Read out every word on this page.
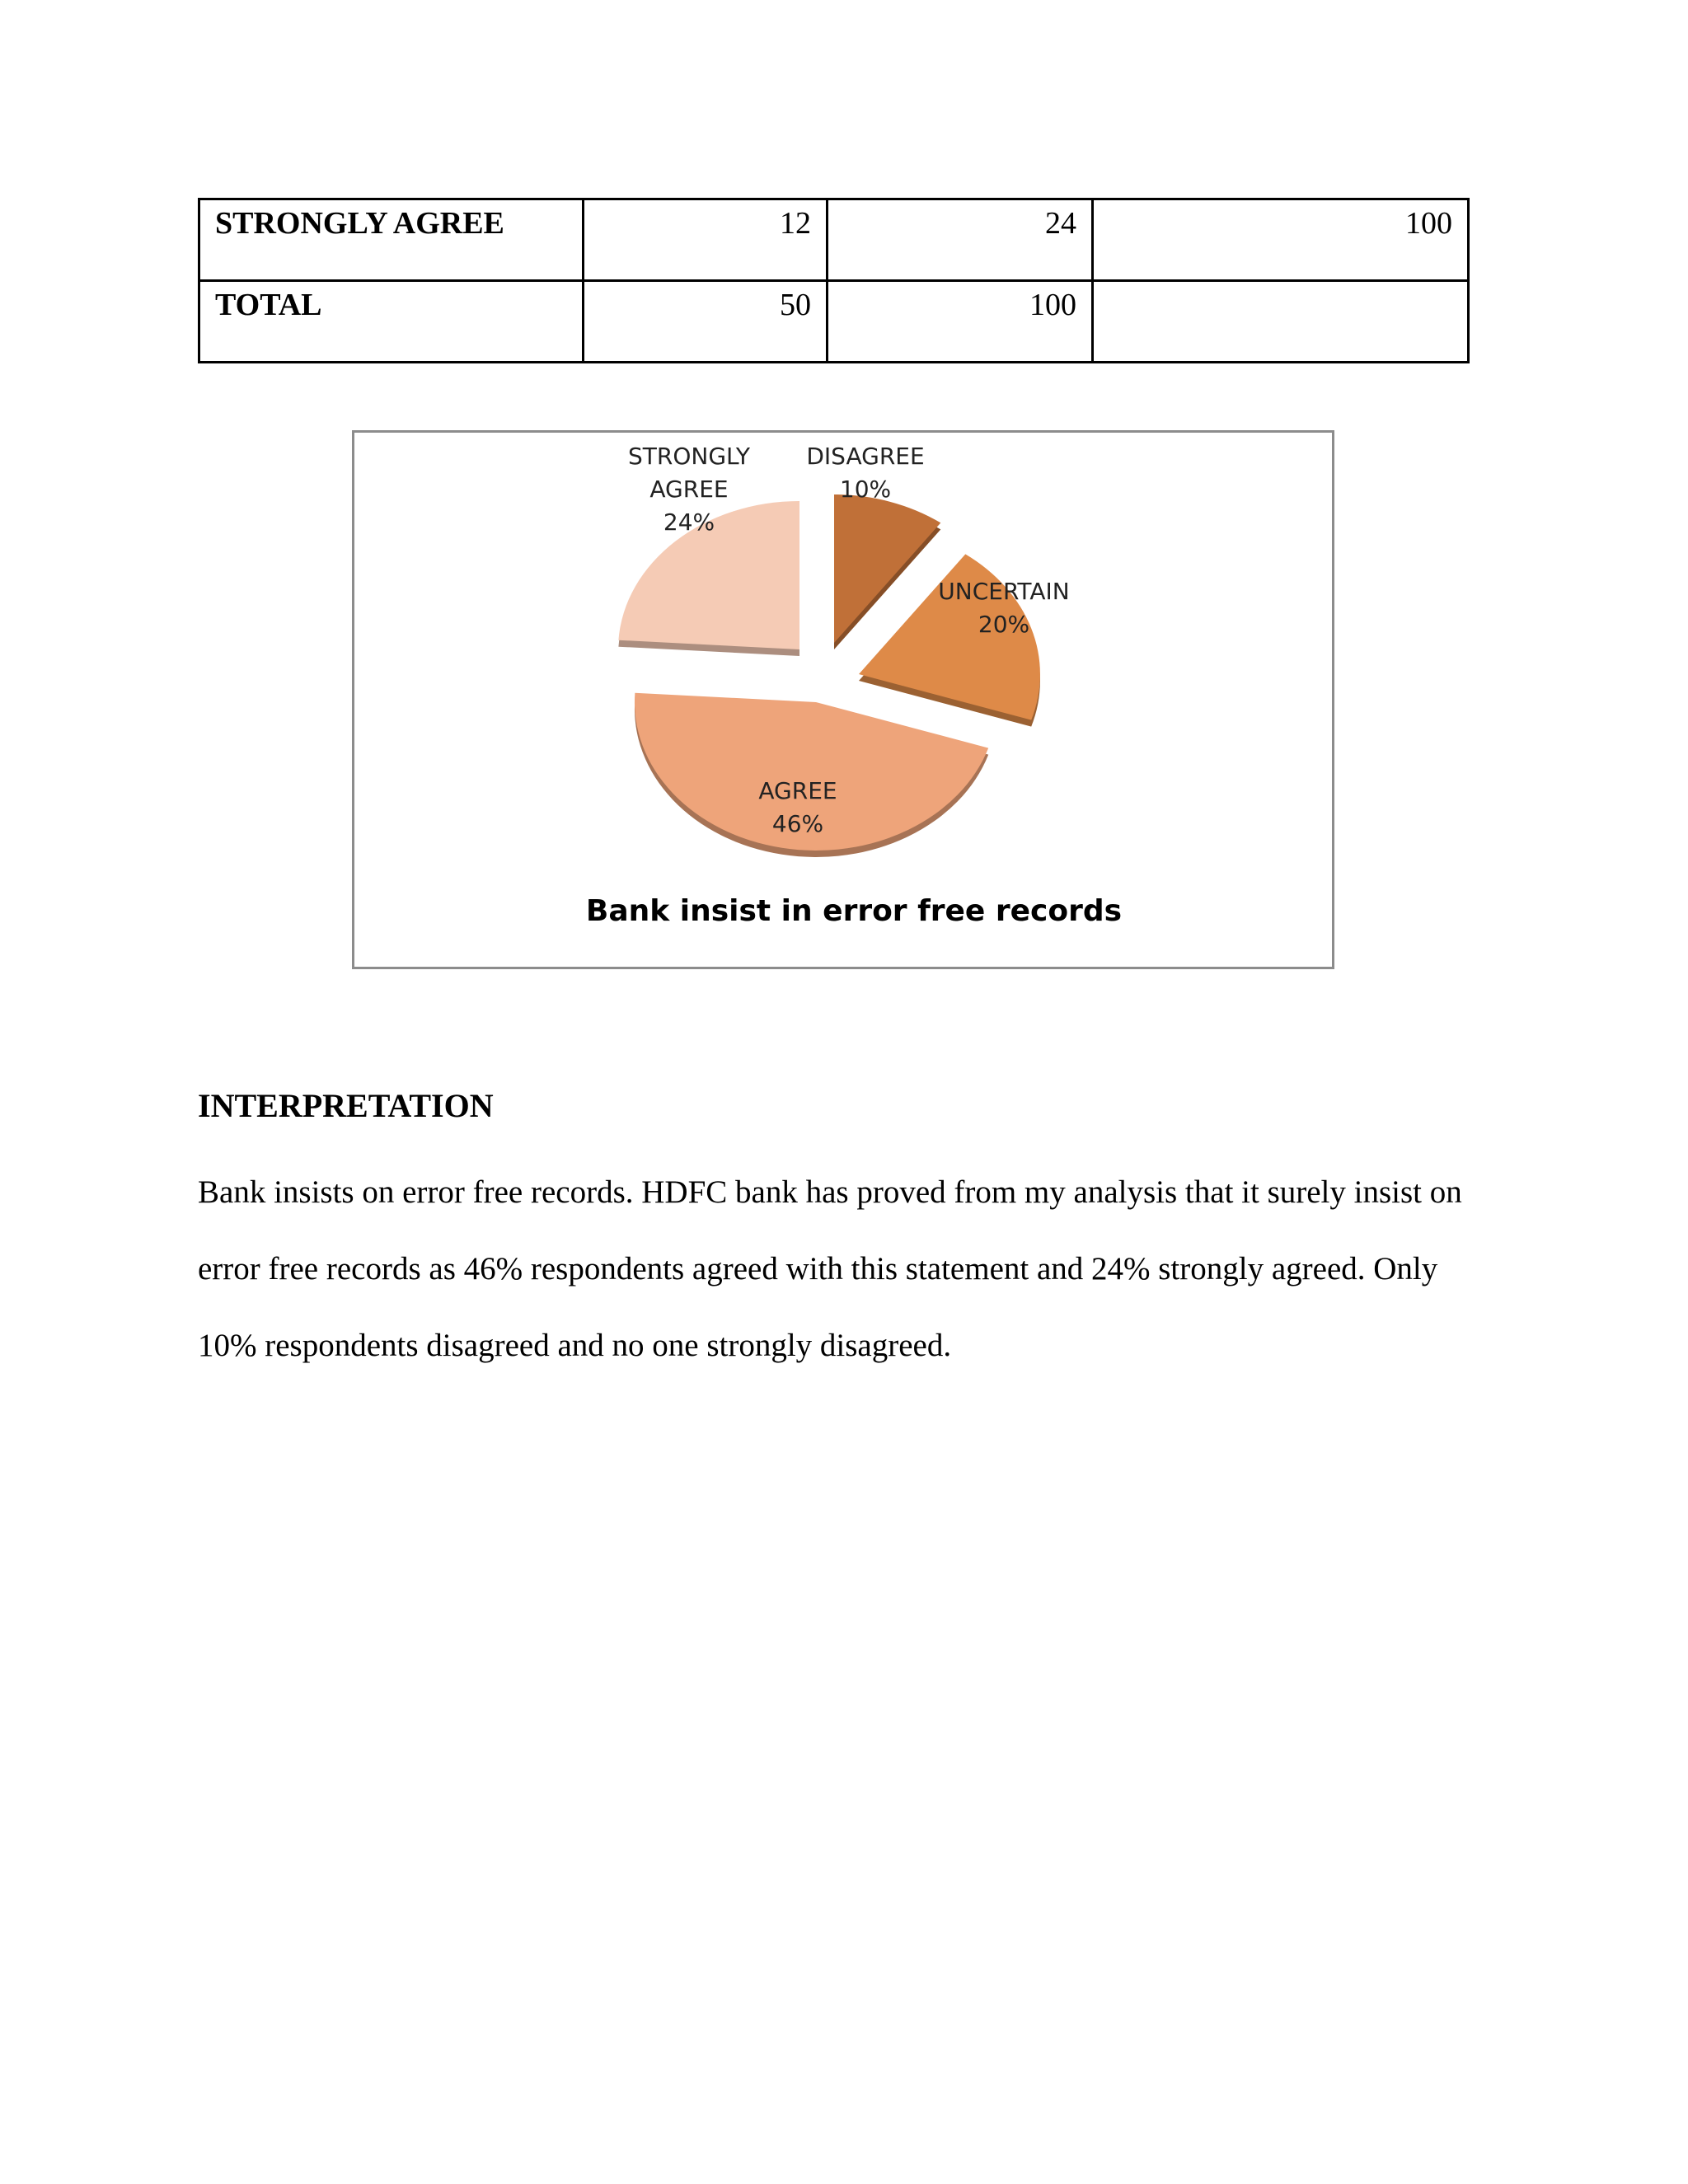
STRONGLY AGREE	12	24	100
TOTAL	50	100	
DISAGREE 10%
UNCERTAIN 20%
AGREE 46%
STRONGLY AGREE 24%
Bank insist in error free records
INTERPRETATION

Bank insists on error free records. HDFC bank has proved from my analysis that it surely insist on error free records as 46% respondents agreed with this statement and 24% strongly agreed. Only 10% respondents disagreed and no one strongly disagreed.
